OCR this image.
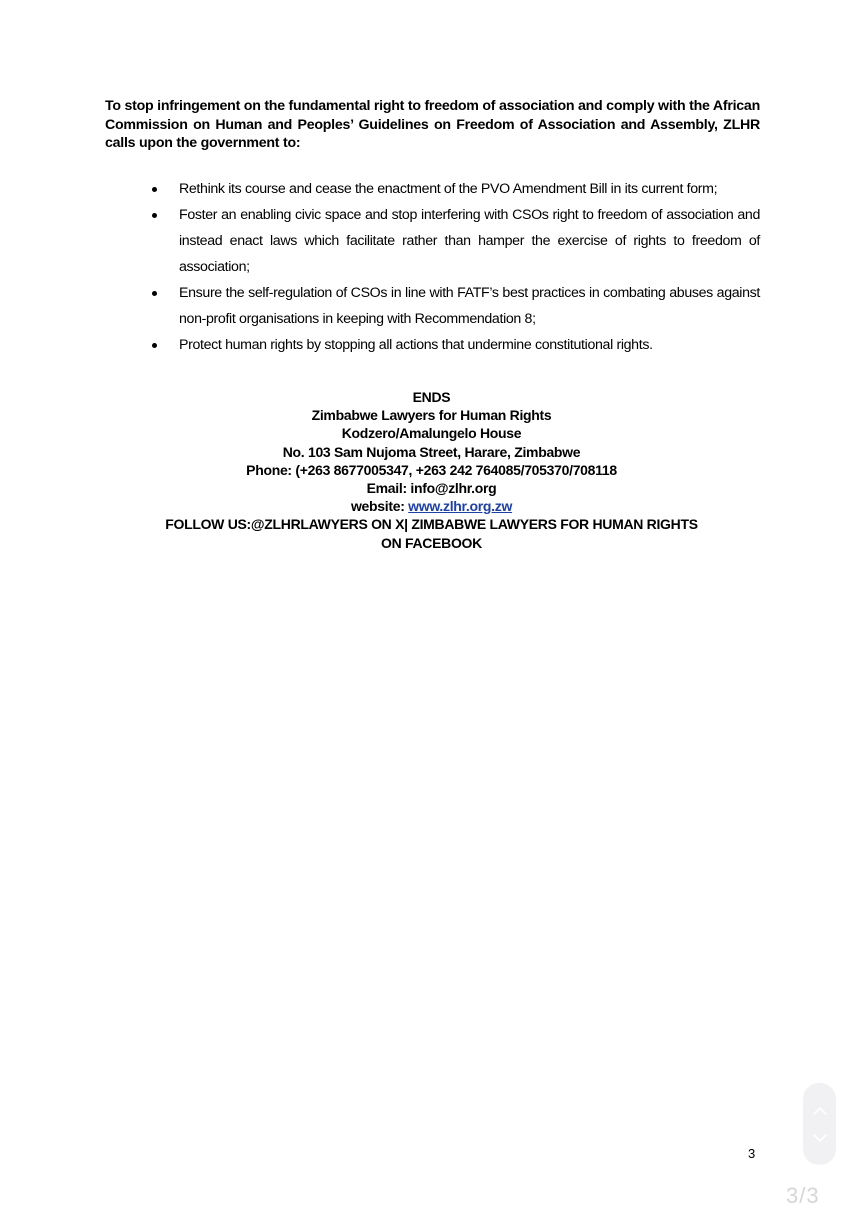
To stop infringement on the fundamental right to freedom of association and comply with the African Commission on Human and Peoples’ Guidelines on Freedom of Association and Assembly, ZLHR calls upon the government to:

Rethink its course and cease the enactment of the PVO Amendment Bill in its current form;
Foster an enabling civic space and stop interfering with CSOs right to freedom of association and instead enact laws which facilitate rather than hamper the exercise of rights to freedom of association;
Ensure the self-regulation of CSOs in line with FATF’s best practices in combating abuses against non-profit organisations in keeping with Recommendation 8;
Protect human rights by stopping all actions that undermine constitutional rights.
ENDS
Zimbabwe Lawyers for Human Rights
Kodzero/Amalungelo House
No. 103 Sam Nujoma Street, Harare, Zimbabwe
Phone: (+263 8677005347, +263 242 764085/705370/708118
Email: info@zlhr.org
website: www.zlhr.org.zw
FOLLOW US:@ZLHRLAWYERS ON X| ZIMBABWE LAWYERS FOR HUMAN RIGHTS
ON FACEBOOK
3
3/3
